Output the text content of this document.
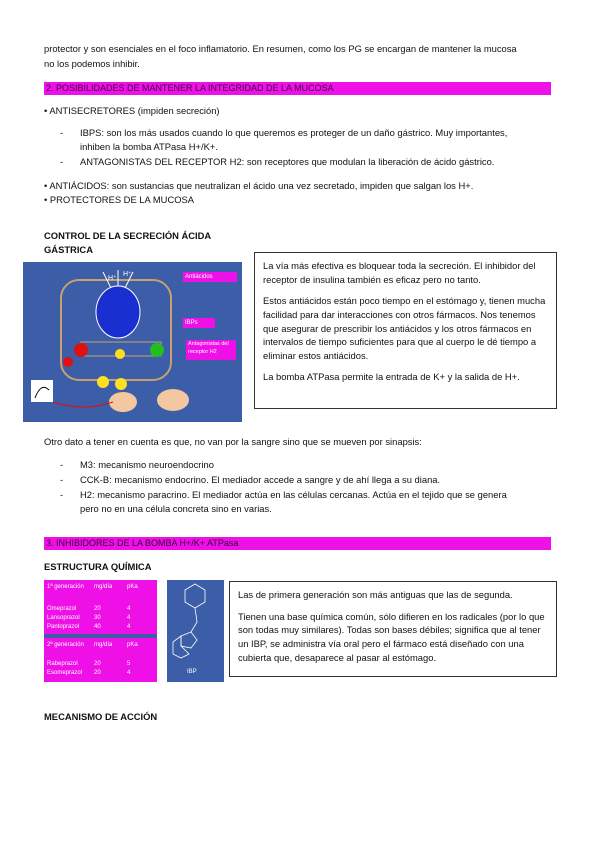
protector y son esenciales en el foco inflamatorio. En resumen, como los PG se encargan de mantener la mucosa
no los podemos inhibir.
2. POSIBILIDADES DE MANTENER LA INTEGRIDAD DE LA MUCOSA
• ANTISECRETORES (impiden secreción)
- IBPS: son los más usados cuando lo que queremos es proteger de un daño gástrico. Muy importantes,
inhiben la bomba ATPasa H+/K+.
- ANTAGONISTAS DEL RECEPTOR H2: son receptores que modulan la liberación de ácido gástrico.
• ANTIÁCIDOS: son sustancias que neutralizan el ácido una vez secretado, impiden que salgan los H+.
• PROTECTORES DE LA MUCOSA
CONTROL DE LA SECRECIÓN ÁCIDA
GÁSTRICA
H⁺
H⁺	Antiácidos
IBPs
Antagonistas del receptor H2

La vía más efectiva es bloquear toda la secreción. El inhibidor del receptor de insulina también es eficaz pero no tanto.

Estos antiácidos están poco tiempo en el estómago y, tienen mucha facilidad para dar interacciones con otros fármacos. Nos tenemos que asegurar de prescribir los antiácidos y los otros fármacos en intervalos de tiempo suficientes para que al cuerpo le dé tiempo a eliminar estos antiácidos.

La bomba ATPasa permite la entrada de K+ y la salida de H+.

Otro dato a tener en cuenta es que, no van por la sangre sino que se mueven por sinapsis:
- M3: mecanismo neuroendocrino
- CCK-B: mecanismo endocrino. El mediador accede a sangre y de ahí llega a su diana.
- H2: mecanismo paracrino. El mediador actúa en las células cercanas. Actúa en el tejido que se genera
pero no en una célula concreta sino en varias.
3. INHIBIDORES DE LA BOMBA H+/K+ ATPasa
ESTRUCTURA QUÍMICA
1ª generación mg/día pKa
Omeprazol	20	4
Lansoprazol 30	4
Pantoprazol 40	4
2ª generación mg/día pKa
Rabeprazol	20	5
Esomeprazol 20	4	IBP

Las de primera generación son más antiguas que las de segunda.

Tienen una base química común, sólo difieren en los radicales (por lo que son todas muy similares). Todas son bases débiles; significa que al tener un IBP, se administra vía oral pero el fármaco está diseñado con una cubierta que, desaparece al pasar al estómago.

MECANISMO DE ACCIÓN
